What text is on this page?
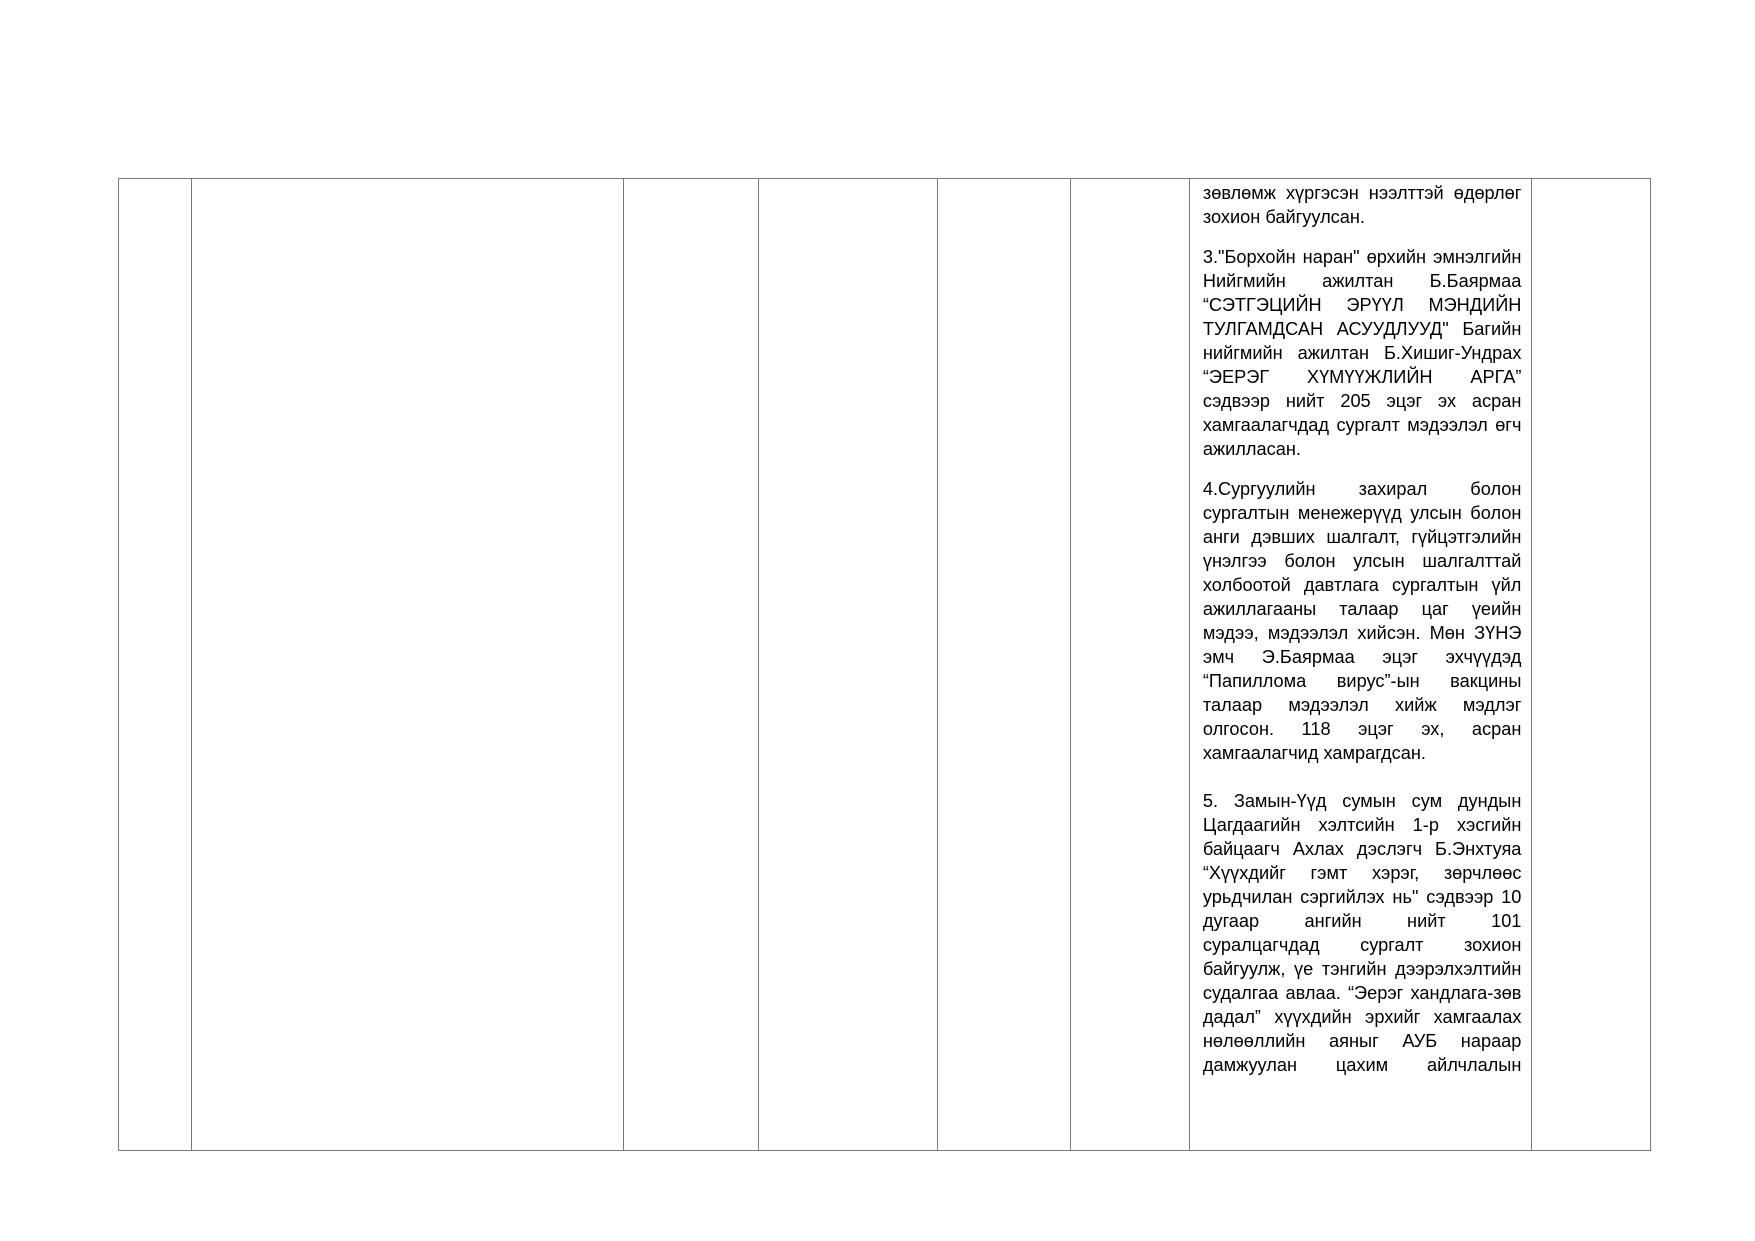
зөвлөмж хүргэсэн нээлттэй өдөрлөг зохион байгуулсан.

3."Борхойн наран" өрхийн эмнэлгийн Нийгмийн ажилтан Б.Баярмаа “СЭТГЭЦИЙН ЭРҮҮЛ МЭНДИЙН ТУЛГАМДСАН АСУУДЛУУД" Багийн нийгмийн ажилтан Б.Хишиг-Ундрах “ЭЕРЭГ ХҮМҮҮЖЛИЙН АРГА” сэдвээр нийт 205 эцэг эх асран хамгаалагчдад сургалт мэдээлэл өгч ажилласан.

4.Сургуулийн захирал болон сургалтын менежерүүд улсын болон анги дэвших шалгалт, гүйцэтгэлийн үнэлгээ болон улсын шалгалттай холбоотой давтлага сургалтын үйл ажиллагааны талаар цаг үеийн мэдээ, мэдээлэл хийсэн. Мөн ЗҮНЭ эмч Э.Баярмаа эцэг эхчүүдэд “Папиллома вирус”-ын вакцины талаар мэдээлэл хийж мэдлэг олгосон. 118 эцэг эх, асран хамгаалагчид хамрагдсан.

5. Замын-Үүд сумын сум дундын Цагдаагийн хэлтсийн 1-р хэсгийн байцаагч Ахлах дэслэгч Б.Энхтуяа “Хүүхдийг гэмт хэрэг, зөрчлөөс урьдчилан сэргийлэх нь" сэдвээр 10 дугаар ангийн нийт 101 суралцагчдад сургалт зохион байгуулж, үе тэнгийн дээрэлхэлтийн судалгаа авлаа. “Эерэг хандлага-зөв дадал” хүүхдийн эрхийг хамгаалах нөлөөллийн аяныг АУБ нараар дамжуулан цахим айлчлалын
